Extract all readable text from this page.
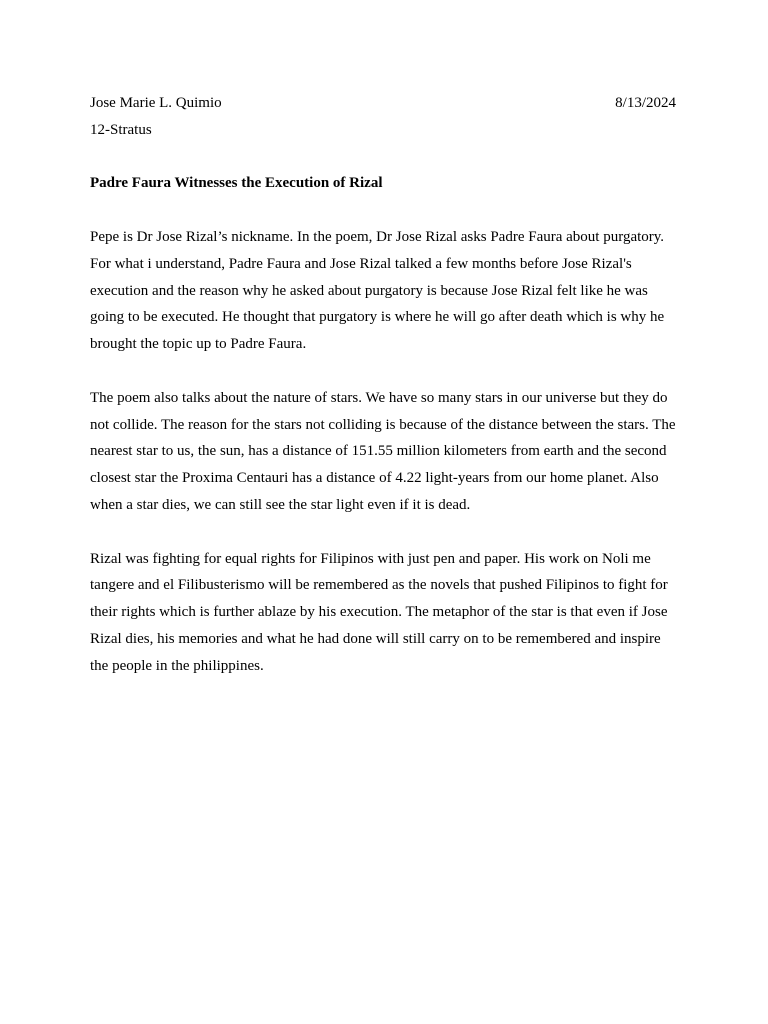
Jose Marie L. Quimio	8/13/2024

12-Stratus

Padre Faura Witnesses the Execution of Rizal

Pepe is Dr Jose Rizal’s nickname. In the poem, Dr Jose Rizal asks Padre Faura about purgatory. For what i understand, Padre Faura and Jose Rizal talked a few months before Jose Rizal's execution and the reason why he asked about purgatory is because Jose Rizal felt like he was going to be executed. He thought that purgatory is where he will go after death which is why he brought the topic up to Padre Faura.

The poem also talks about the nature of stars. We have so many stars in our universe but they do not collide. The reason for the stars not colliding is because of the distance between the stars. The nearest star to us, the sun, has a distance of 151.55 million kilometers from earth and the second closest star the Proxima Centauri has a distance of 4.22 light-years from our home planet. Also when a star dies, we can still see the star light even if it is dead.

Rizal was fighting for equal rights for Filipinos with just pen and paper. His work on Noli me tangere and el Filibusterismo will be remembered as the novels that pushed Filipinos to fight for their rights which is further ablaze by his execution. The metaphor of the star is that even if Jose Rizal dies, his memories and what he had done will still carry on to be remembered and inspire the people in the philippines.
